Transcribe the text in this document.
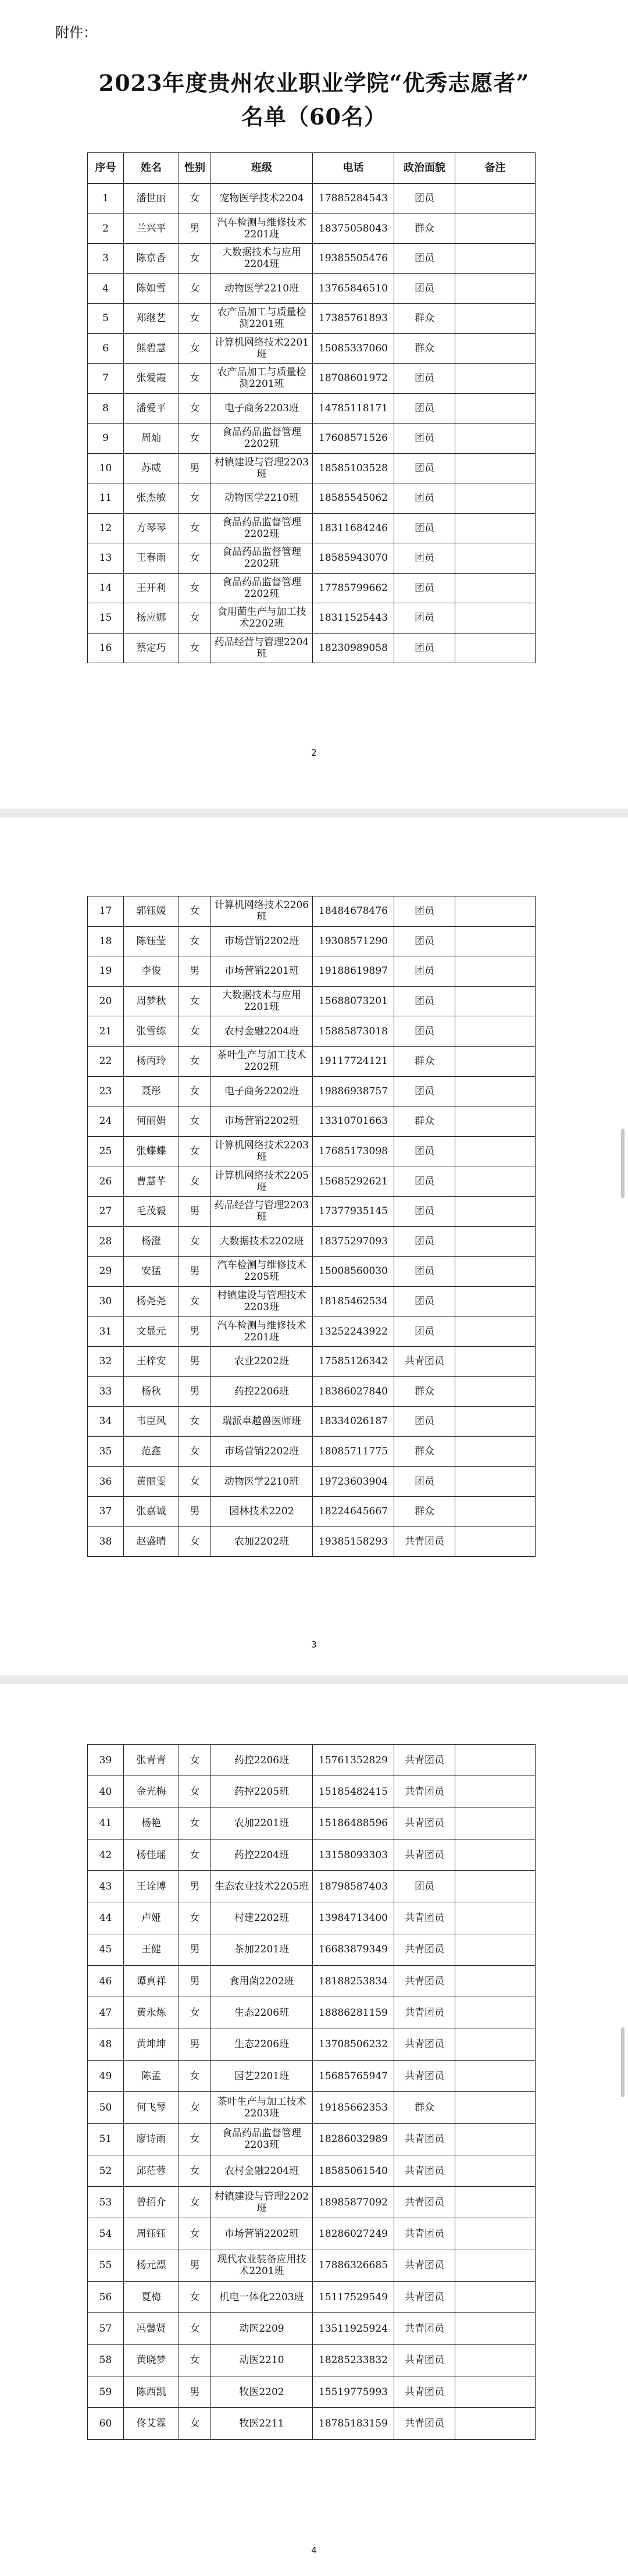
附件：
2023年度贵州农业职业学院“优秀志愿者”
名单（60名）
序号	姓名	性别	班级	电话	政治面貌	备注
1	潘世丽	女	宠物医学技术2204	17885284543	团员	
2	兰兴平	男	汽车检测与维修技术2201班	18375058043	群众	
3	陈京香	女	大数据技术与应用2204班	19385505476	团员	
4	陈如雪	女	动物医学2210班	13765846510	团员	
5	郑继艺	女	农产品加工与质量检测2201班	17385761893	群众	
6	熊碧慧	女	计算机网络技术2201班	15085337060	群众	
7	张爱霞	女	农产品加工与质量检测2201班	18708601972	团员	
8	潘爱平	女	电子商务2203班	14785118171	团员	
9	周灿	女	食品药品监督管理2202班	17608571526	团员	
10	苏威	男	村镇建设与管理2203班	18585103528	团员	
11	张杰敏	女	动物医学2210班	18585545062	团员	
12	方琴琴	女	食品药品监督管理2202班	18311684246	团员	
13	王春雨	女	食品药品监督管理2202班	18585943070	团员	
14	王开利	女	食品药品监督管理2202班	17785799662	团员	
15	杨应娜	女	食用菌生产与加工技术2202班	18311525443	团员	
16	蔡定巧	女	药品经营与管理2204班	18230989058	团员	
2
3
17	郭钰媛	女	计算机网络技术2206班	18484678476	团员	
18	陈钰莹	女	市场营销2202班	19308571290	团员	
19	李俊	男	市场营销2201班	19188619897	团员	
20	周梦秋	女	大数据技术与应用2201班	15688073201	团员	
21	张雪练	女	农村金融2204班	15885873018	团员	
22	杨丙玲	女	茶叶生产与加工技术2202班	19117724121	群众	
23	聂彤	女	电子商务2202班	19886938757	团员	
24	何丽娟	女	市场营销2202班	13310701663	群众	
25	张蝶蝶	女	计算机网络技术2203班	17685173098	团员	
26	曹慧芊	女	计算机网络技术2205班	15685292621	团员	
27	毛茂毅	男	药品经营与管理2203班	17377935145	团员	
28	杨澄	女	大数据技术2202班	18375297093	团员	
29	安猛	男	汽车检测与维修技术2205班	15008560030	团员	
30	杨尧尧	女	村镇建设与管理技术2203班	18185462534	团员	
31	文显元	男	汽车检测与维修技术2201班	13252243922	团员	
32	王梓安	男	农业2202班	17585126342	共青团员	
33	杨秋	男	药控2206班	18386027840	群众	
34	韦臣风	女	瑞派卓越兽医师班	18334026187	团员	
35	范鑫	女	市场营销2202班	18085711775	群众	
36	黄丽雯	女	动物医学2210班	19723603904	团员	
37	张嘉诚	男	园林技术2202	18224645667	群众	
38	赵盛晴	女	农加2202班	19385158293	共青团员	
4
39	张青青	女	药控2206班	15761352829	共青团员	
40	金光梅	女	药控2205班	15185482415	共青团员	
41	杨艳	女	农加2201班	15186488596	共青团员	
42	杨佳瑶	女	药控2204班	13158093303	共青团员	
43	王诠博	男	生态农业技术2205班	18798587403	团员	
44	卢娅	女	村建2202班	13984713400	共青团员	
45	王健	男	茶加2201班	16683879349	共青团员	
46	谭真祥	男	食用菌2202班	18188253834	共青团员	
47	黄永炼	女	生态2206班	18886281159	共青团员	
48	黄坤坤	男	生态2206班	13708506232	共青团员	
49	陈孟	女	园艺2201班	15685765947	共青团员	
50	何飞琴	女	茶叶生产与加工技术2203班	19185662353	群众	
51	廖诗雨	女	食品药品监督管理2203班	18286032989	共青团员	
52	邱茫蓉	女	农村金融2204班	18585061540	共青团员	
53	曾招介	女	村镇建设与管理2202班	18985877092	共青团员	
54	周钰钰	女	市场营销2202班	18286027249	共青团员	
55	杨元漂	男	现代农业装备应用技术2201班	17886326685	共青团员	
56	夏梅	女	机电一体化2203班	15117529549	共青团员	
57	冯馨贤	女	动医2209	13511925924	共青团员	
58	黄晓梦	女	动医2210	18285233832	共青团员	
59	陈西凯	男	牧医2202	15519775993	共青团员	
60	佟艾霖	女	牧医2211	18785183159	共青团员	
